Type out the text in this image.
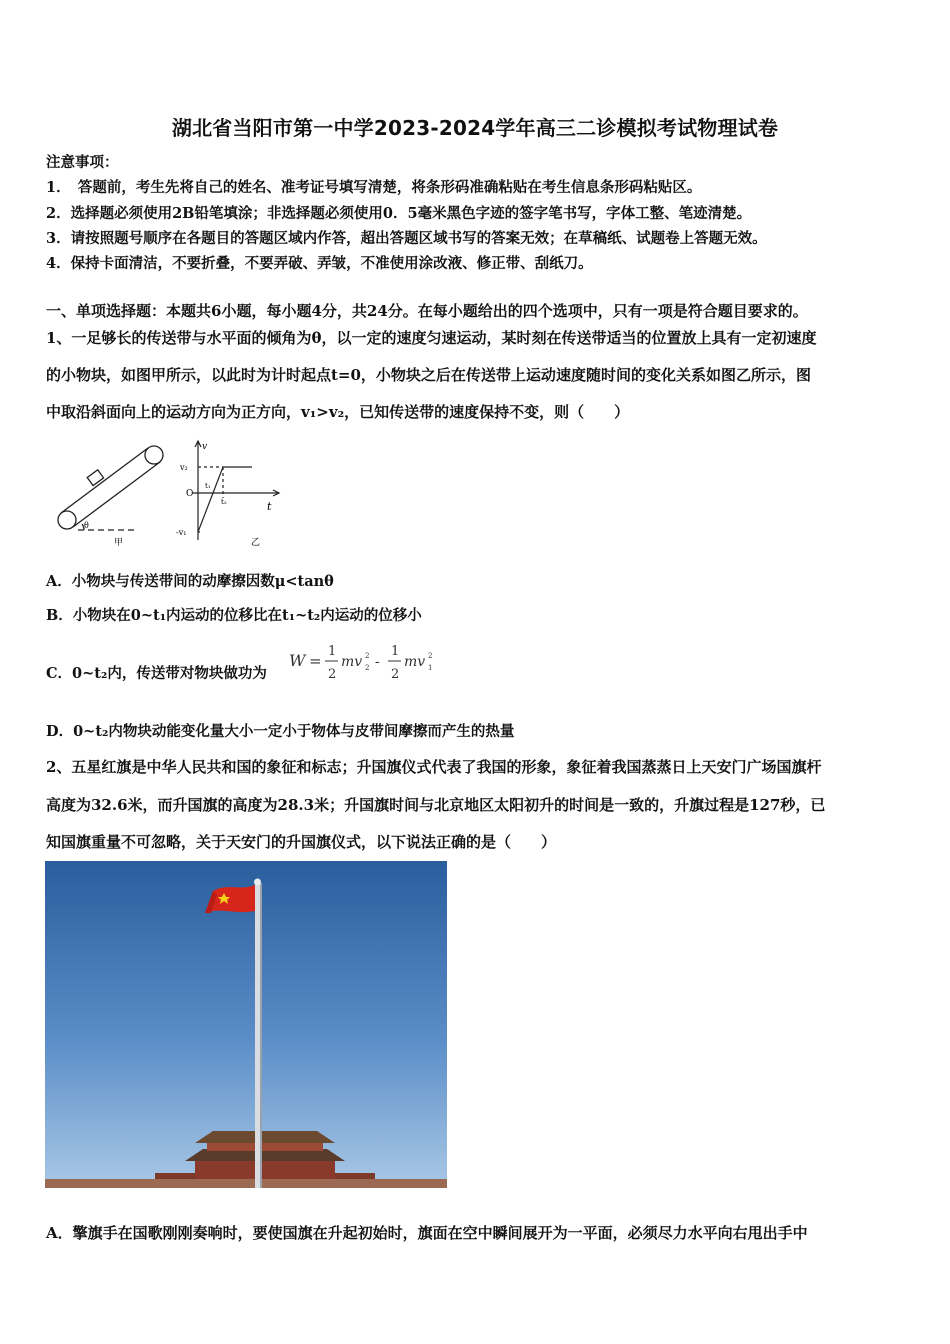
湖北省当阳市第一中学2023-2024学年高三二诊模拟考试物理试卷
注意事项：
1．　答题前，考生先将自己的姓名、准考证号填写清楚，将条形码准确粘贴在考生信息条形码粘贴区。
2．选择题必须使用2B铅笔填涂；非选择题必须使用0．5毫米黑色字迹的签字笔书写，字体工整、笔迹清楚。
3．请按照题号顺序在各题目的答题区域内作答，超出答题区域书写的答案无效；在草稿纸、试题卷上答题无效。
4．保持卡面清洁，不要折叠，不要弄破、弄皱，不准使用涂改液、修正带、刮纸刀。
一、单项选择题：本题共6小题，每小题4分，共24分。在每小题给出的四个选项中，只有一项是符合题目要求的。
1、一足够长的传送带与水平面的倾角为θ，以一定的速度匀速运动，某时刻在传送带适当的位置放上具有一定初速度
的小物块，如图甲所示，以此时为计时起点t=0，小物块之后在传送带上运动速度随时间的变化关系如图乙所示，图
中取沿斜面向上的运动方向为正方向，v₁>v₂，已知传送带的速度保持不变，则（　　）
θ
甲
v
t
O
v₂
-v₁
t₁
t₂
乙
A．小物块与传送带间的动摩擦因数μ<tanθ
B．小物块在0~t₁内运动的位移比在t₁~t₂内运动的位移小
C．0~t₂内，传送带对物块做功为
W =
1
2
mv 2
2 -
1
2
mv 2
1
D．0~t₂内物块动能变化量大小一定小于物体与皮带间摩擦而产生的热量
2、五星红旗是中华人民共和国的象征和标志；升国旗仪式代表了我国的形象，象征着我国蒸蒸日上天安门广场国旗杆
高度为32.6米，而升国旗的高度为28.3米；升国旗时间与北京地区太阳初升的时间是一致的，升旗过程是127秒，已
知国旗重量不可忽略，关于天安门的升国旗仪式，以下说法正确的是（　　）
A．擎旗手在国歌刚刚奏响时，要使国旗在升起初始时，旗面在空中瞬间展开为一平面，必须尽力水平向右甩出手中
